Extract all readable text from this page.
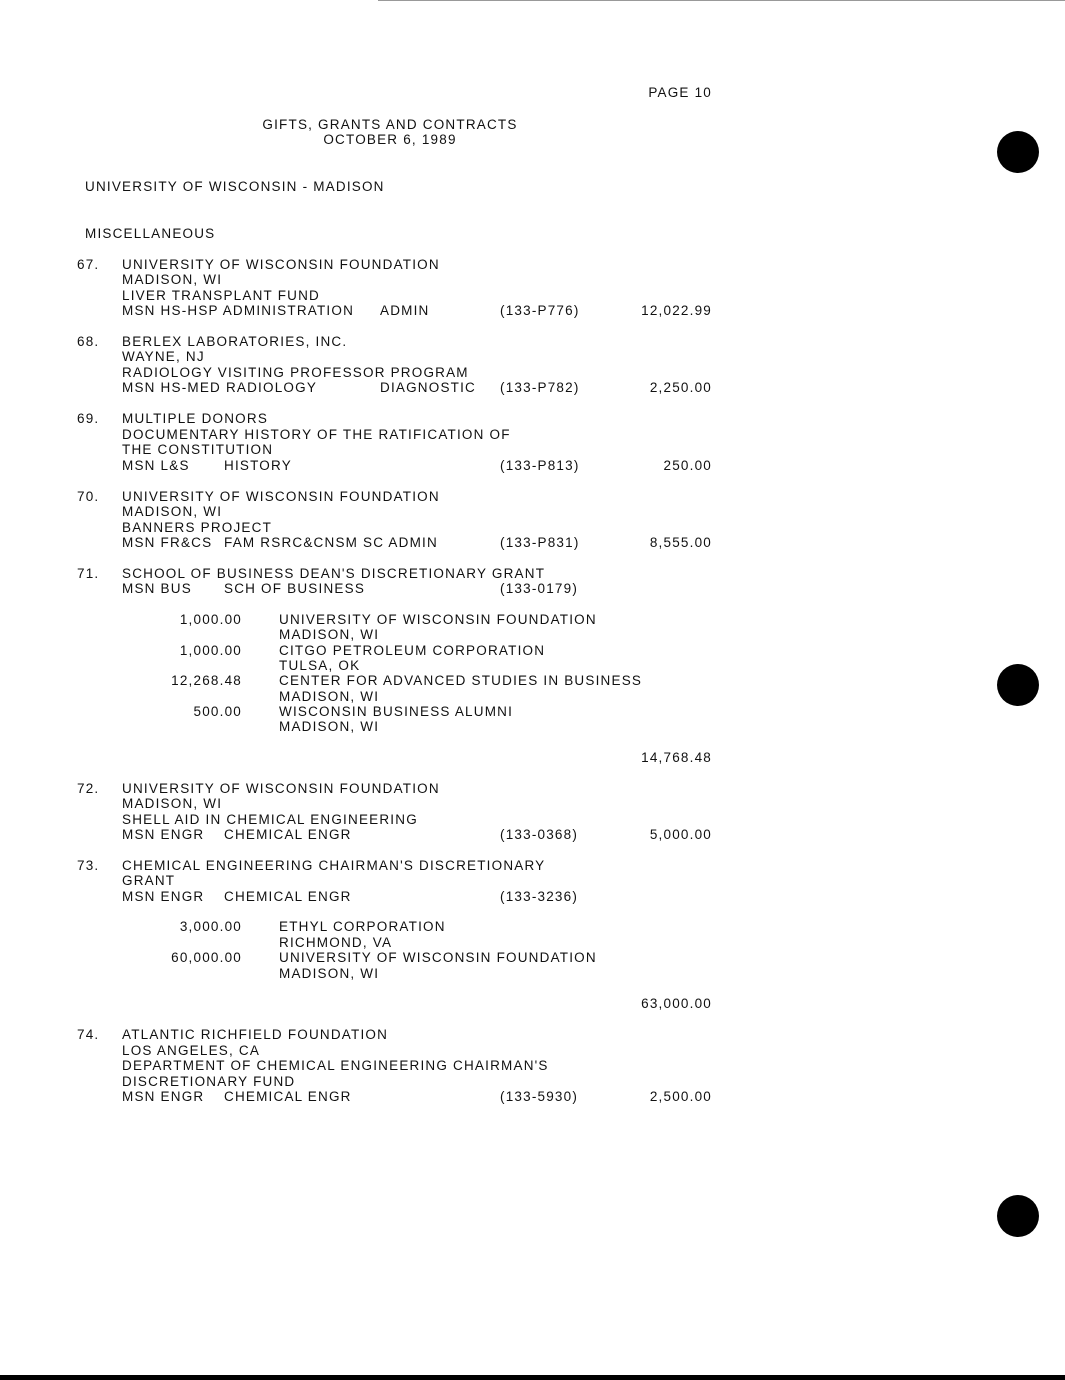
PAGE 10
GIFTS, GRANTS AND CONTRACTS
OCTOBER 6, 1989
UNIVERSITY OF WISCONSIN - MADISON
MISCELLANEOUS
67. UNIVERSITY OF WISCONSIN FOUNDATION
MADISON, WI
LIVER TRANSPLANT FUND
MSN HS-HSP ADMINISTRATION ADMIN	(133-P776)	12,022.99
68. BERLEX LABORATORIES, INC.
WAYNE, NJ
RADIOLOGY VISITING PROFESSOR PROGRAM
MSN HS-MED RADIOLOGY	DIAGNOSTIC (133-P782)	2,250.00
69. MULTIPLE DONORS
DOCUMENTARY HISTORY OF THE RATIFICATION OF
THE CONSTITUTION
MSN L&S	HISTORY	(133-P813)	250.00
70. UNIVERSITY OF WISCONSIN FOUNDATION
MADISON, WI
BANNERS PROJECT
MSN FR&CS FAM RSRC&CNSM SC ADMIN	(133-P831)	8,555.00
71. SCHOOL OF BUSINESS DEAN'S DISCRETIONARY GRANT
MSN BUS SCH OF BUSINESS	(133-0179)
1,000.00	UNIVERSITY OF WISCONSIN FOUNDATION
MADISON, WI
1,000.00	CITGO PETROLEUM CORPORATION
TULSA, OK
12,268.48	CENTER FOR ADVANCED STUDIES IN BUSINESS
MADISON, WI
500.00	WISCONSIN BUSINESS ALUMNI
MADISON, WI
14,768.48
72. UNIVERSITY OF WISCONSIN FOUNDATION
MADISON, WI
SHELL AID IN CHEMICAL ENGINEERING
MSN ENGR CHEMICAL ENGR	(133-0368)	5,000.00
73. CHEMICAL ENGINEERING CHAIRMAN'S DISCRETIONARY
GRANT
MSN ENGR CHEMICAL ENGR	(133-3236)
3,000.00	ETHYL CORPORATION
RICHMOND, VA
60,000.00	UNIVERSITY OF WISCONSIN FOUNDATION
MADISON, WI
63,000.00
74. ATLANTIC RICHFIELD FOUNDATION
LOS ANGELES, CA
DEPARTMENT OF CHEMICAL ENGINEERING CHAIRMAN'S
DISCRETIONARY FUND
MSN ENGR CHEMICAL ENGR	(133-5930)	2,500.00
